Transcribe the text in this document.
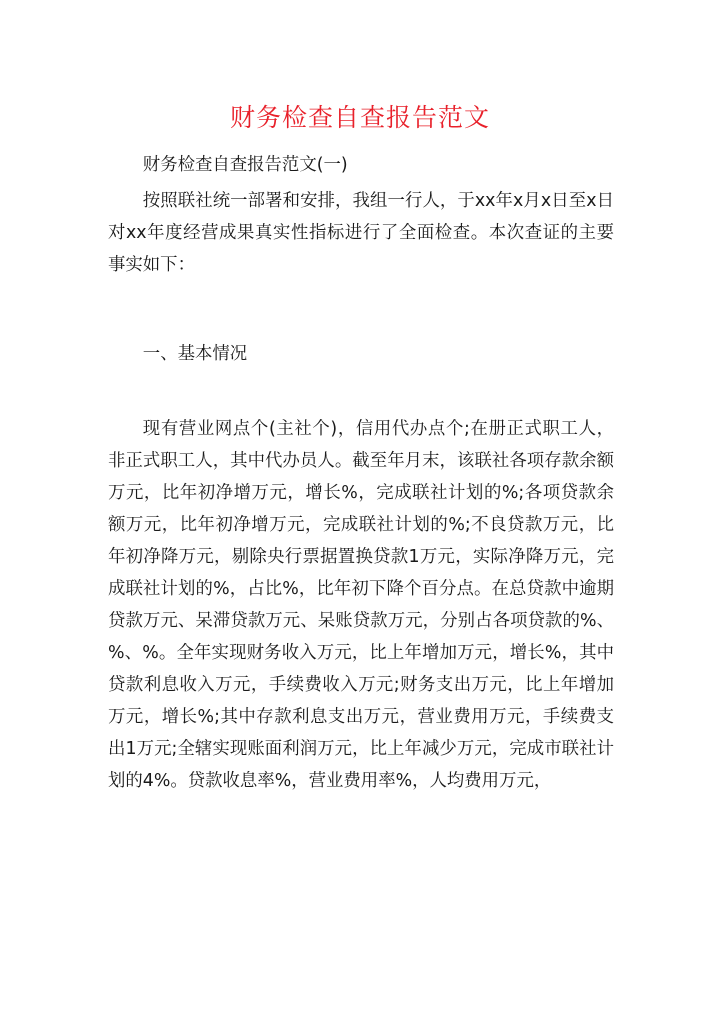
财务检查自查报告范文

财务检查自查报告范文(一)

按照联社统一部署和安排，我组一行人，于xx年x月x日至x日对xx年度经营成果真实性指标进行了全面检查。本次查证的主要事实如下：

一、基本情况

现有营业网点个(主社个)，信用代办点个;在册正式职工人，非正式职工人，其中代办员人。截至年月末，该联社各项存款余额万元，比年初净增万元，增长%，完成联社计划的%;各项贷款余额万元，比年初净增万元，完成联社计划的%;不良贷款万元，比年初净降万元，剔除央行票据置换贷款1万元，实际净降万元，完成联社计划的%，占比%，比年初下降个百分点。在总贷款中逾期贷款万元、呆滞贷款万元、呆账贷款万元，分别占各项贷款的%、%、%。全年实现财务收入万元，比上年增加万元，增长%，其中贷款利息收入万元，手续费收入万元;财务支出万元，比上年增加万元，增长%;其中存款利息支出万元，营业费用万元，手续费支出1万元;全辖实现账面利润万元，比上年减少万元，完成市联社计划的4%。贷款收息率%，营业费用率%，人均费用万元，
